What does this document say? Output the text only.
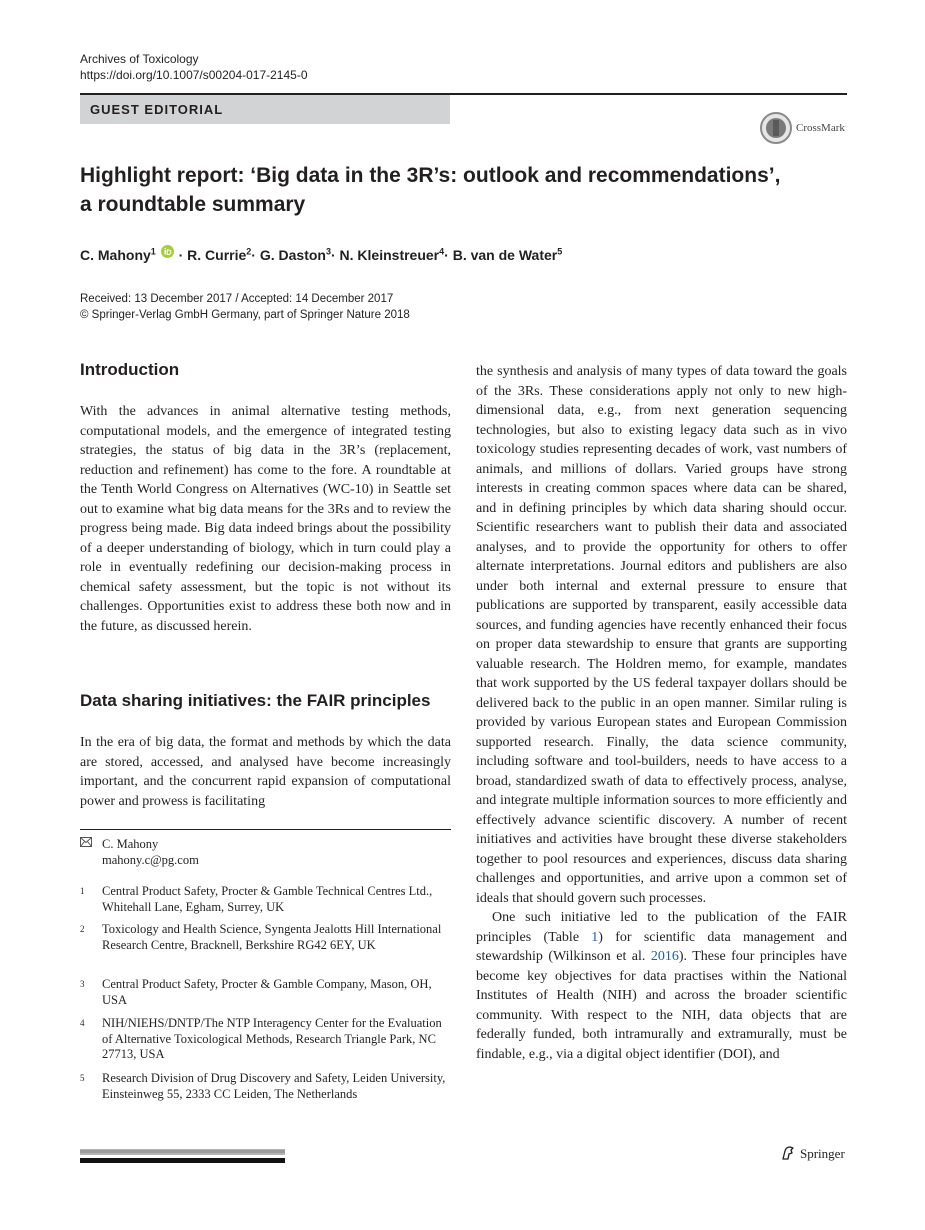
Archives of Toxicology
https://doi.org/10.1007/s00204-017-2145-0
GUEST EDITORIAL
CrossMark
Highlight report: ‘Big data in the 3R’s: outlook and recommendations’,
a roundtable summary
C. Mahony$^1$ · R. Currie$^2$· G. Daston$^3$· N. Kleinstreuer$^4$· B. van de Water$^5$
Received: 13 December 2017 / Accepted: 14 December 2017
© Springer-Verlag GmbH Germany, part of Springer Nature 2018
Introduction

With the advances in animal alternative testing methods, computational models, and the emergence of integrated testing strategies, the status of big data in the 3R’s (replacement, reduction and refinement) has come to the fore. A roundtable at the Tenth World Congress on Alternatives (WC-10) in Seattle set out to examine what big data means for the 3Rs and to review the progress being made. Big data indeed brings about the possibility of a deeper understanding of biology, which in turn could play a role in eventually redefining our decision-making process in chemical safety assessment, but the topic is not without its challenges. Opportunities exist to address these both now and in the future, as discussed herein.

Data sharing initiatives: the FAIR principles

In the era of big data, the format and methods by which the data are stored, accessed, and analysed have become increasingly important, and the concurrent rapid expansion of computational power and prowess is facilitating

C. Mahony
mahony.c@pg.com
1 Central Product Safety, Procter & Gamble Technical Centres Ltd., Whitehall Lane, Egham, Surrey, UK
2 Toxicology and Health Science, Syngenta Jealotts Hill International Research Centre, Bracknell, Berkshire RG42 6EY, UK
3 Central Product Safety, Procter & Gamble Company, Mason, OH, USA
4 NIH/NIEHS/DNTP/The NTP Interagency Center for the Evaluation of Alternative Toxicological Methods, Research Triangle Park, NC 27713, USA
5 Research Division of Drug Discovery and Safety, Leiden University, Einsteinweg 55, 2333 CC Leiden, The Netherlands

the synthesis and analysis of many types of data toward the goals of the 3Rs. These considerations apply not only to new high-dimensional data, e.g., from next generation sequencing technologies, but also to existing legacy data such as in vivo toxicology studies representing decades of work, vast numbers of animals, and millions of dollars. Varied groups have strong interests in creating common spaces where data can be shared, and in defining principles by which data sharing should occur. Scientific researchers want to publish their data and associated analyses, and to provide the opportunity for others to offer alternate interpretations. Journal editors and publishers are also under both internal and external pressure to ensure that publications are supported by transparent, easily accessible data sources, and funding agencies have recently enhanced their focus on proper data stewardship to ensure that grants are supporting valuable research. The Holdren memo, for example, mandates that work supported by the US federal taxpayer dollars should be delivered back to the public in an open manner. Similar ruling is provided by various European states and European Commission supported research. Finally, the data science community, including software and tool-builders, needs to have access to a broad, standardized swath of data to effectively process, analyse, and integrate multiple information sources to more efficiently and effectively advance scientific discovery. A number of recent initiatives and activities have brought these diverse stakeholders together to pool resources and experiences, discuss data sharing challenges and opportunities, and arrive upon a common set of ideals that should govern such processes.

One such initiative led to the publication of the FAIR principles (Table 1) for scientific data management and stewardship (Wilkinson et al. 2016). These four principles have become key objectives for data practises within the National Institutes of Health (NIH) and across the broader scientific community. With respect to the NIH, data objects that are federally funded, both intramurally and extramurally, must be findable, e.g., via a digital object identifier (DOI), and

Springer
